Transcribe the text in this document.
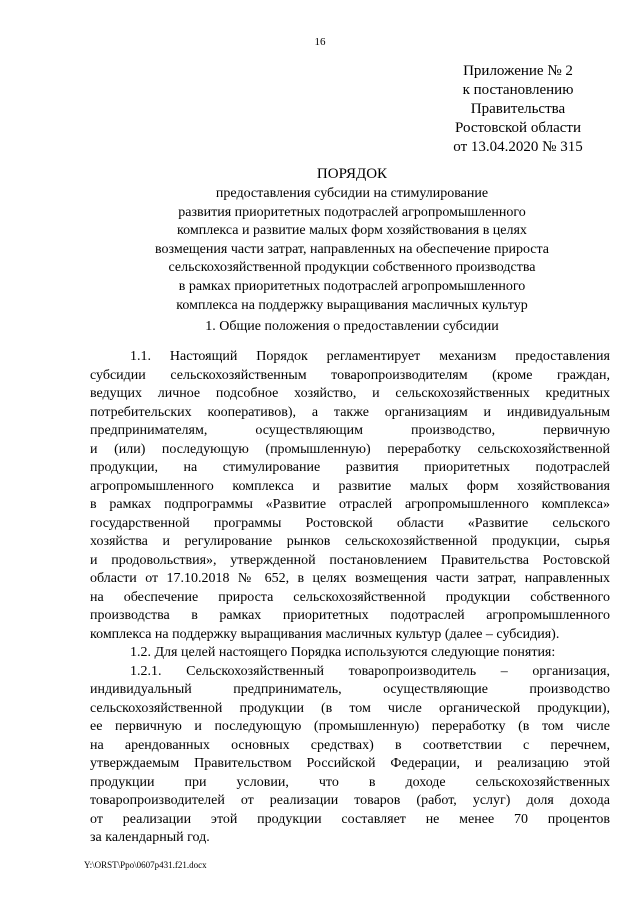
16
Приложение № 2
к постановлению
Правительства
Ростовской области
от 13.04.2020 № 315
ПОРЯДОК
предоставления субсидии на стимулирование
развития приоритетных подотраслей агропромышленного
комплекса и развитие малых форм хозяйствования в целях
возмещения части затрат, направленных на обеспечение прироста
сельскохозяйственной продукции собственного производства
в рамках приоритетных подотраслей агропромышленного
комплекса на поддержку выращивания масличных культур
1. Общие положения о предоставлении субсидии
1.1. Настоящий Порядок регламентирует механизм предоставления
субсидии сельскохозяйственным товаропроизводителям (кроме граждан,
ведущих личное подсобное хозяйство, и сельскохозяйственных кредитных
потребительских кооперативов), а также организациям и индивидуальным
предпринимателям, осуществляющим производство, первичную
и (или) последующую (промышленную) переработку сельскохозяйственной
продукции, на стимулирование развития приоритетных подотраслей
агропромышленного комплекса и развитие малых форм хозяйствования
в рамках подпрограммы «Развитие отраслей агропромышленного комплекса»
государственной программы Ростовской области «Развитие сельского
хозяйства и регулирование рынков сельскохозяйственной продукции, сырья
и продовольствия», утвержденной постановлением Правительства Ростовской
области от 17.10.2018 № 652, в целях возмещения части затрат, направленных
на обеспечение прироста сельскохозяйственной продукции собственного
производства в рамках приоритетных подотраслей агропромышленного
комплекса на поддержку выращивания масличных культур (далее – субсидия).
1.2. Для целей настоящего Порядка используются следующие понятия:
1.2.1. Сельскохозяйственный товаропроизводитель – организация,
индивидуальный предприниматель, осуществляющие производство
сельскохозяйственной продукции (в том числе органической продукции),
ее первичную и последующую (промышленную) переработку (в том числе
на арендованных основных средствах) в соответствии с перечнем,
утверждаемым Правительством Российской Федерации, и реализацию этой
продукции при условии, что в доходе сельскохозяйственных
товаропроизводителей от реализации товаров (работ, услуг) доля дохода
от реализации этой продукции составляет не менее 70 процентов
за календарный год.
Y:\ORST\Ppo\0607p431.f21.docx
